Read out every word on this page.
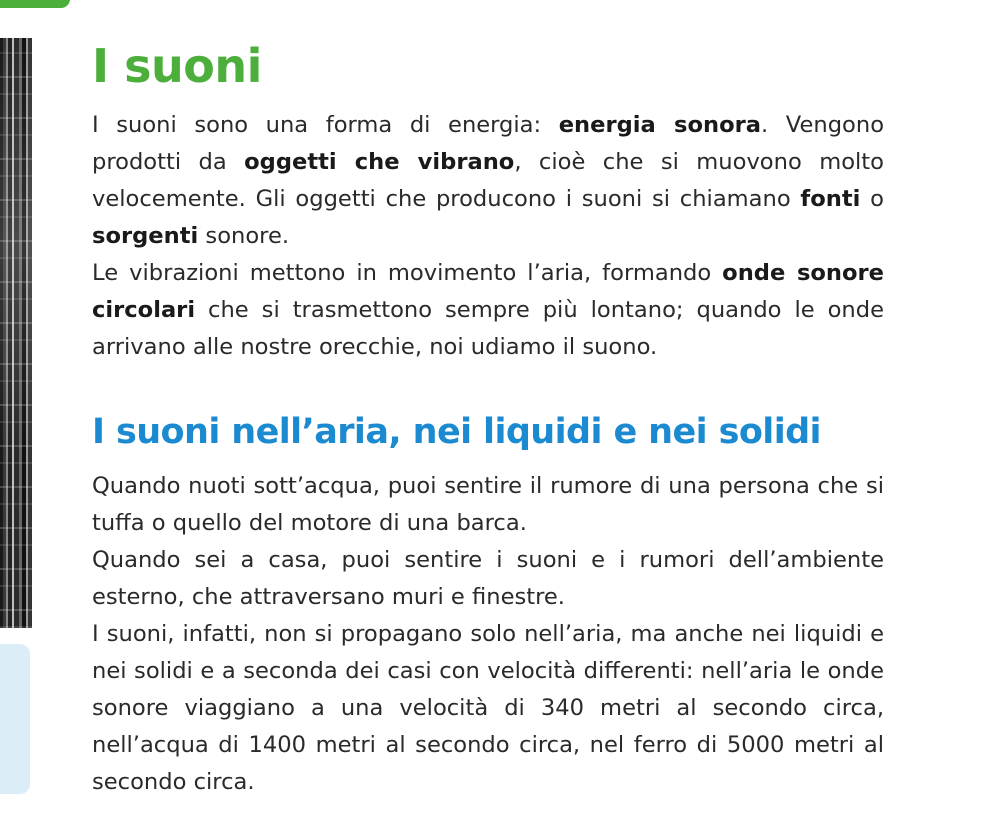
I suoni

I suoni sono una forma di energia: energia sonora. Vengono prodotti da oggetti che vibrano, cioè che si muovono molto velocemente. Gli oggetti che producono i suoni si chiamano fonti o sorgenti sonore.
Le vibrazioni mettono in movimento l’aria, formando onde sonore circolari che si trasmettono sempre più lontano; quando le onde arrivano alle nostre orecchie, noi udiamo il suono.

I suoni nell’aria, nei liquidi e nei solidi

Quando nuoti sott’acqua, puoi sentire il rumore di una persona che si tuffa o quello del motore di una barca.
Quando sei a casa, puoi sentire i suoni e i rumori dell’ambiente esterno, che attraversano muri e finestre.
I suoni, infatti, non si propagano solo nell’aria, ma anche nei liquidi e nei solidi e a seconda dei casi con velocità differenti: nell’aria le onde sonore viaggiano a una velocità di 340 metri al secondo circa, nell’acqua di 1400 metri al secondo circa, nel ferro di 5000 metri al secondo circa.
